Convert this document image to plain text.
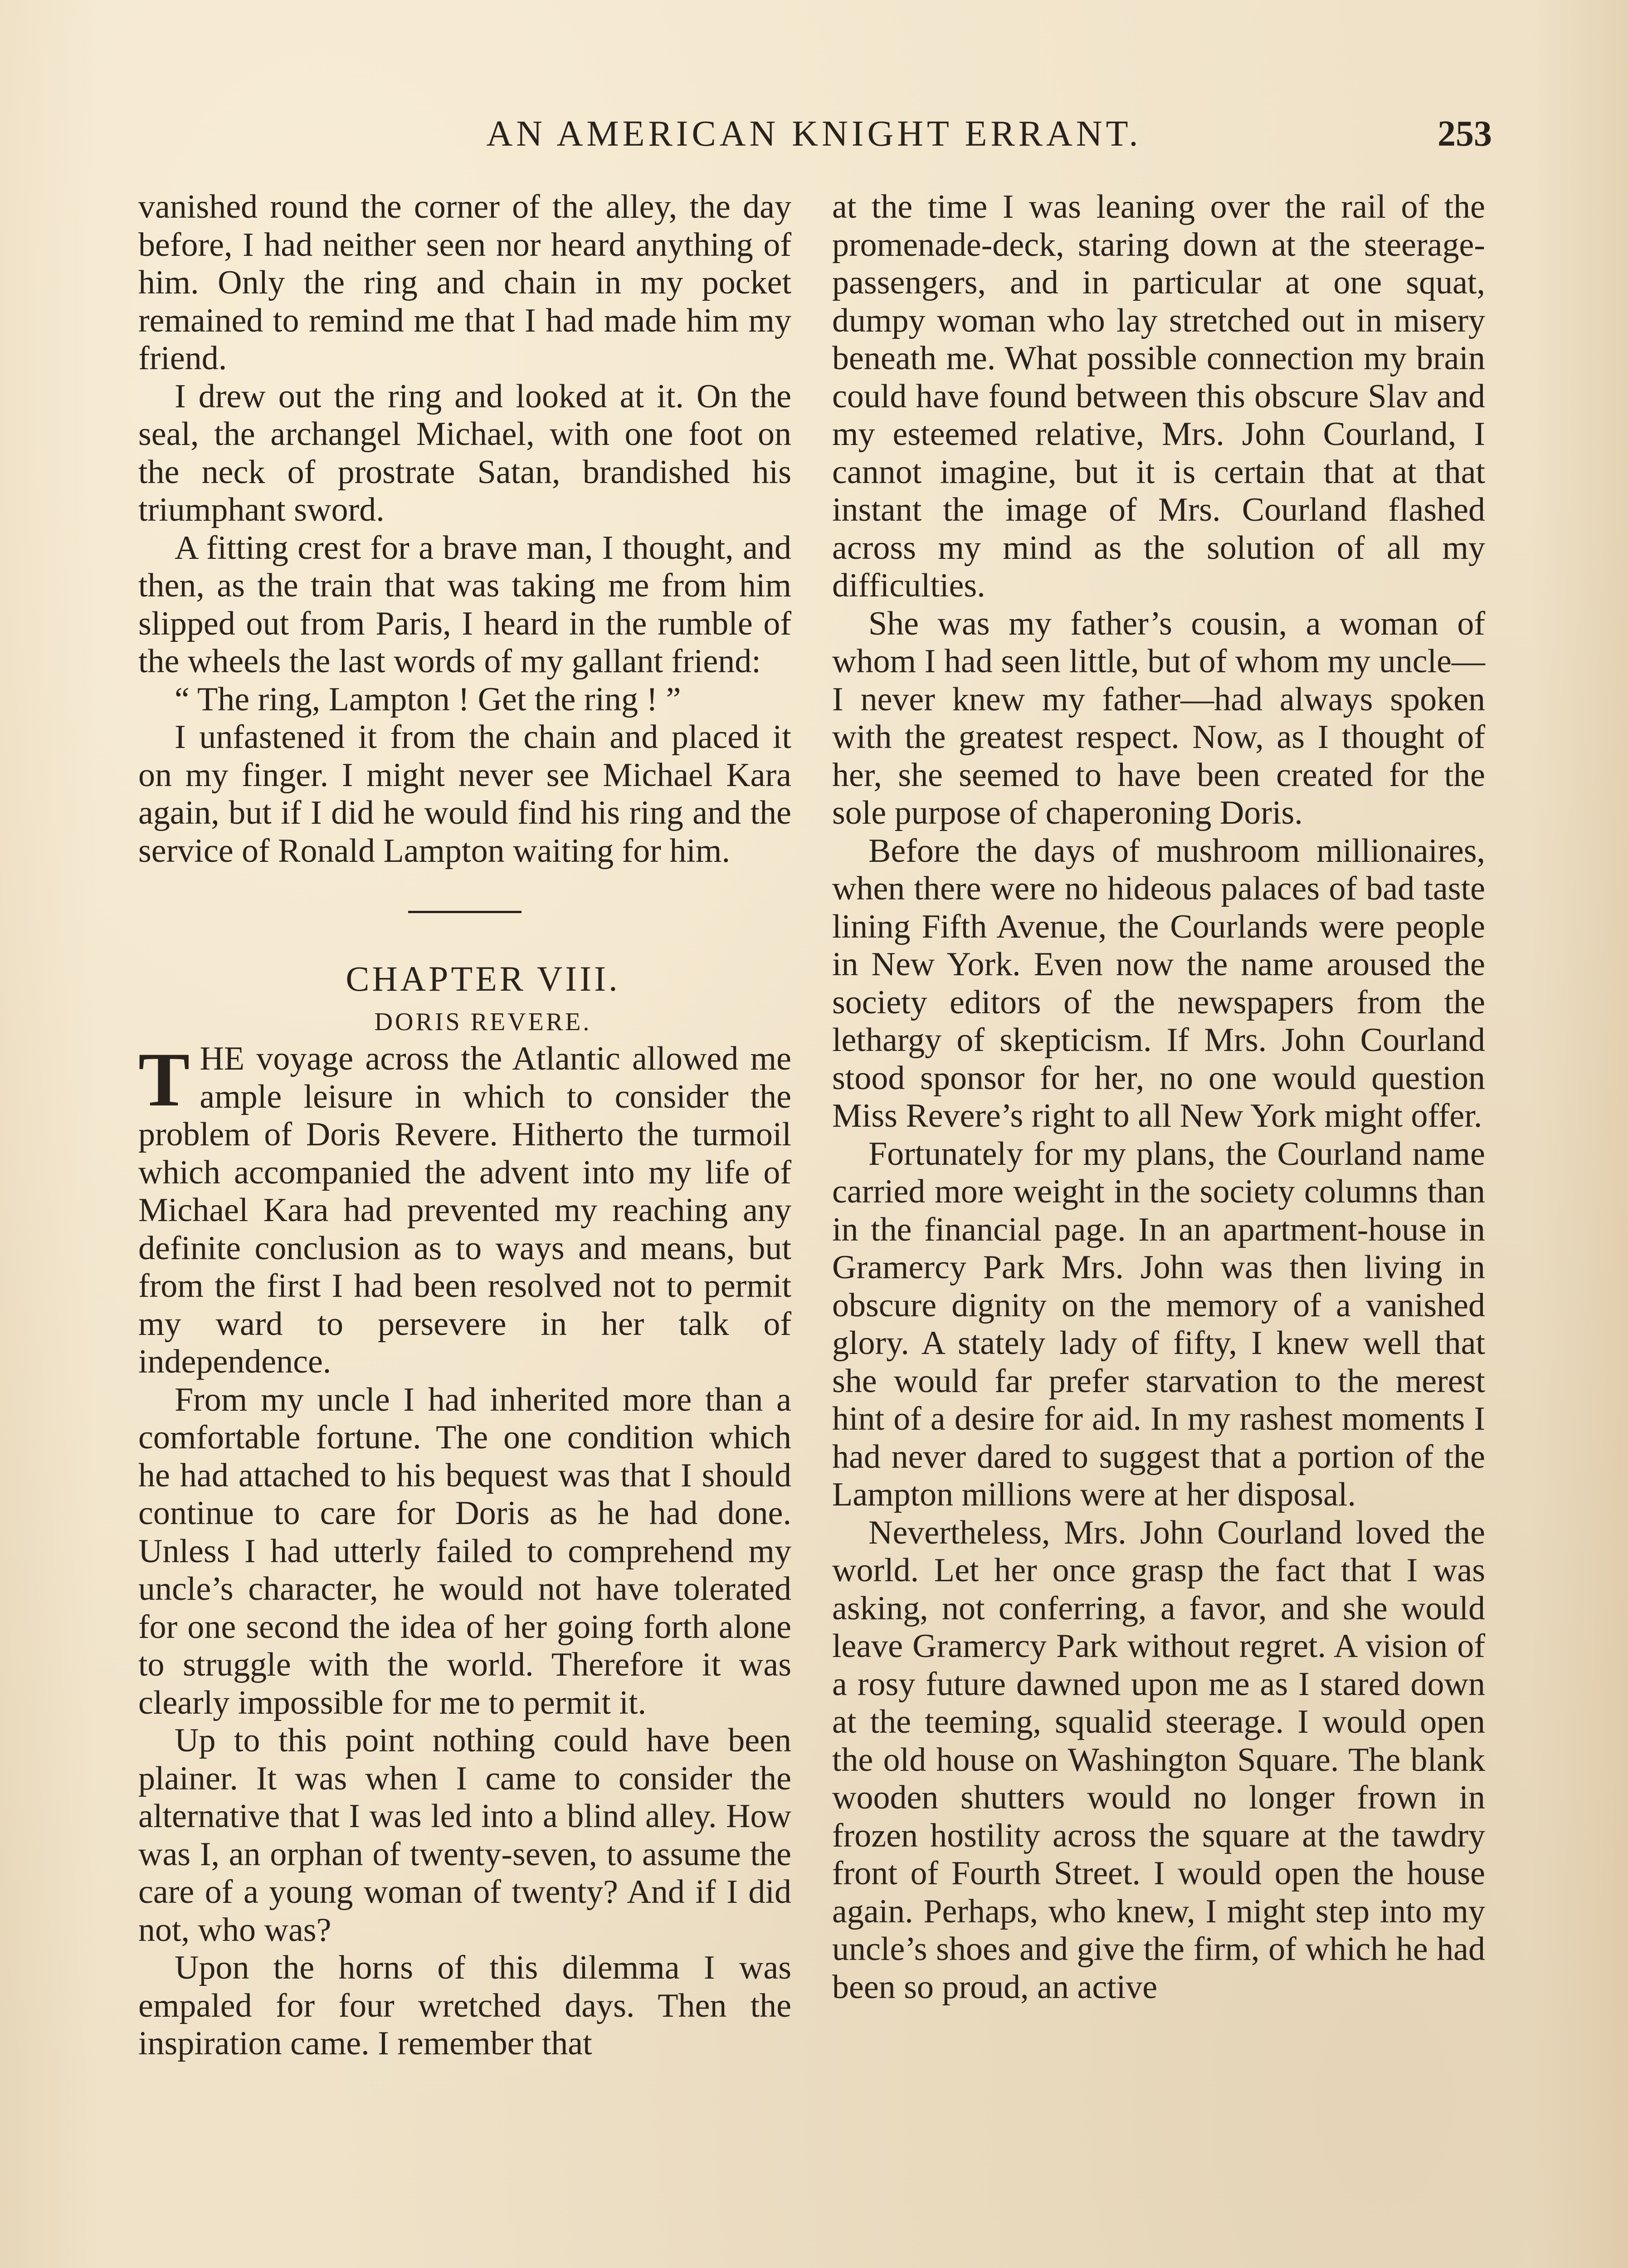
AN AMERICAN KNIGHT ERRANT.	253

vanished round the corner of the alley, the day before, I had neither seen nor heard anything of him. Only the ring and chain in my pocket remained to remind me that I had made him my friend.

I drew out the ring and looked at it. On the seal, the archangel Michael, with one foot on the neck of prostrate Satan, brandished his triumphant sword.

A fitting crest for a brave man, I thought, and then, as the train that was taking me from him slipped out from Paris, I heard in the rumble of the wheels the last words of my gallant friend:

“ The ring, Lampton ! Get the ring ! ”

I unfastened it from the chain and placed it on my finger. I might never see Michael Kara again, but if I did he would find his ring and the service of Ronald Lampton waiting for him.

CHAPTER VIII.

DORIS REVERE.

THE voyage across the Atlantic allowed me ample leisure in which to consider the problem of Doris Revere. Hitherto the turmoil which accompanied the advent into my life of Michael Kara had prevented my reaching any definite conclusion as to ways and means, but from the first I had been resolved not to permit my ward to persevere in her talk of independence.

From my uncle I had inherited more than a comfortable fortune. The one condition which he had attached to his bequest was that I should continue to care for Doris as he had done. Unless I had utterly failed to comprehend my uncle’s character, he would not have tolerated for one second the idea of her going forth alone to struggle with the world. Therefore it was clearly impossible for me to permit it.

Up to this point nothing could have been plainer. It was when I came to consider the alternative that I was led into a blind alley. How was I, an orphan of twenty-seven, to assume the care of a young woman of twenty? And if I did not, who was?

Upon the horns of this dilemma I was empaled for four wretched days. Then the inspiration came. I remember that

at the time I was leaning over the rail of the promenade-deck, staring down at the steerage-passengers, and in particular at one squat, dumpy woman who lay stretched out in misery beneath me. What possible connection my brain could have found between this obscure Slav and my esteemed relative, Mrs. John Courland, I cannot imagine, but it is certain that at that instant the image of Mrs. Courland flashed across my mind as the solution of all my difficulties.

She was my father’s cousin, a woman of whom I had seen little, but of whom my uncle—I never knew my father—had always spoken with the greatest respect. Now, as I thought of her, she seemed to have been created for the sole purpose of chaperoning Doris.

Before the days of mushroom millionaires, when there were no hideous palaces of bad taste lining Fifth Avenue, the Courlands were people in New York. Even now the name aroused the society editors of the newspapers from the lethargy of skepticism. If Mrs. John Courland stood sponsor for her, no one would question Miss Revere’s right to all New York might offer.

Fortunately for my plans, the Courland name carried more weight in the society columns than in the financial page. In an apartment-house in Gramercy Park Mrs. John was then living in obscure dignity on the memory of a vanished glory. A stately lady of fifty, I knew well that she would far prefer starvation to the merest hint of a desire for aid. In my rashest moments I had never dared to suggest that a portion of the Lampton millions were at her disposal.

Nevertheless, Mrs. John Courland loved the world. Let her once grasp the fact that I was asking, not conferring, a favor, and she would leave Gramercy Park without regret. A vision of a rosy future dawned upon me as I stared down at the teeming, squalid steerage. I would open the old house on Washington Square. The blank wooden shutters would no longer frown in frozen hostility across the square at the tawdry front of Fourth Street. I would open the house again. Perhaps, who knew, I might step into my uncle’s shoes and give the firm, of which he had been so proud, an active
